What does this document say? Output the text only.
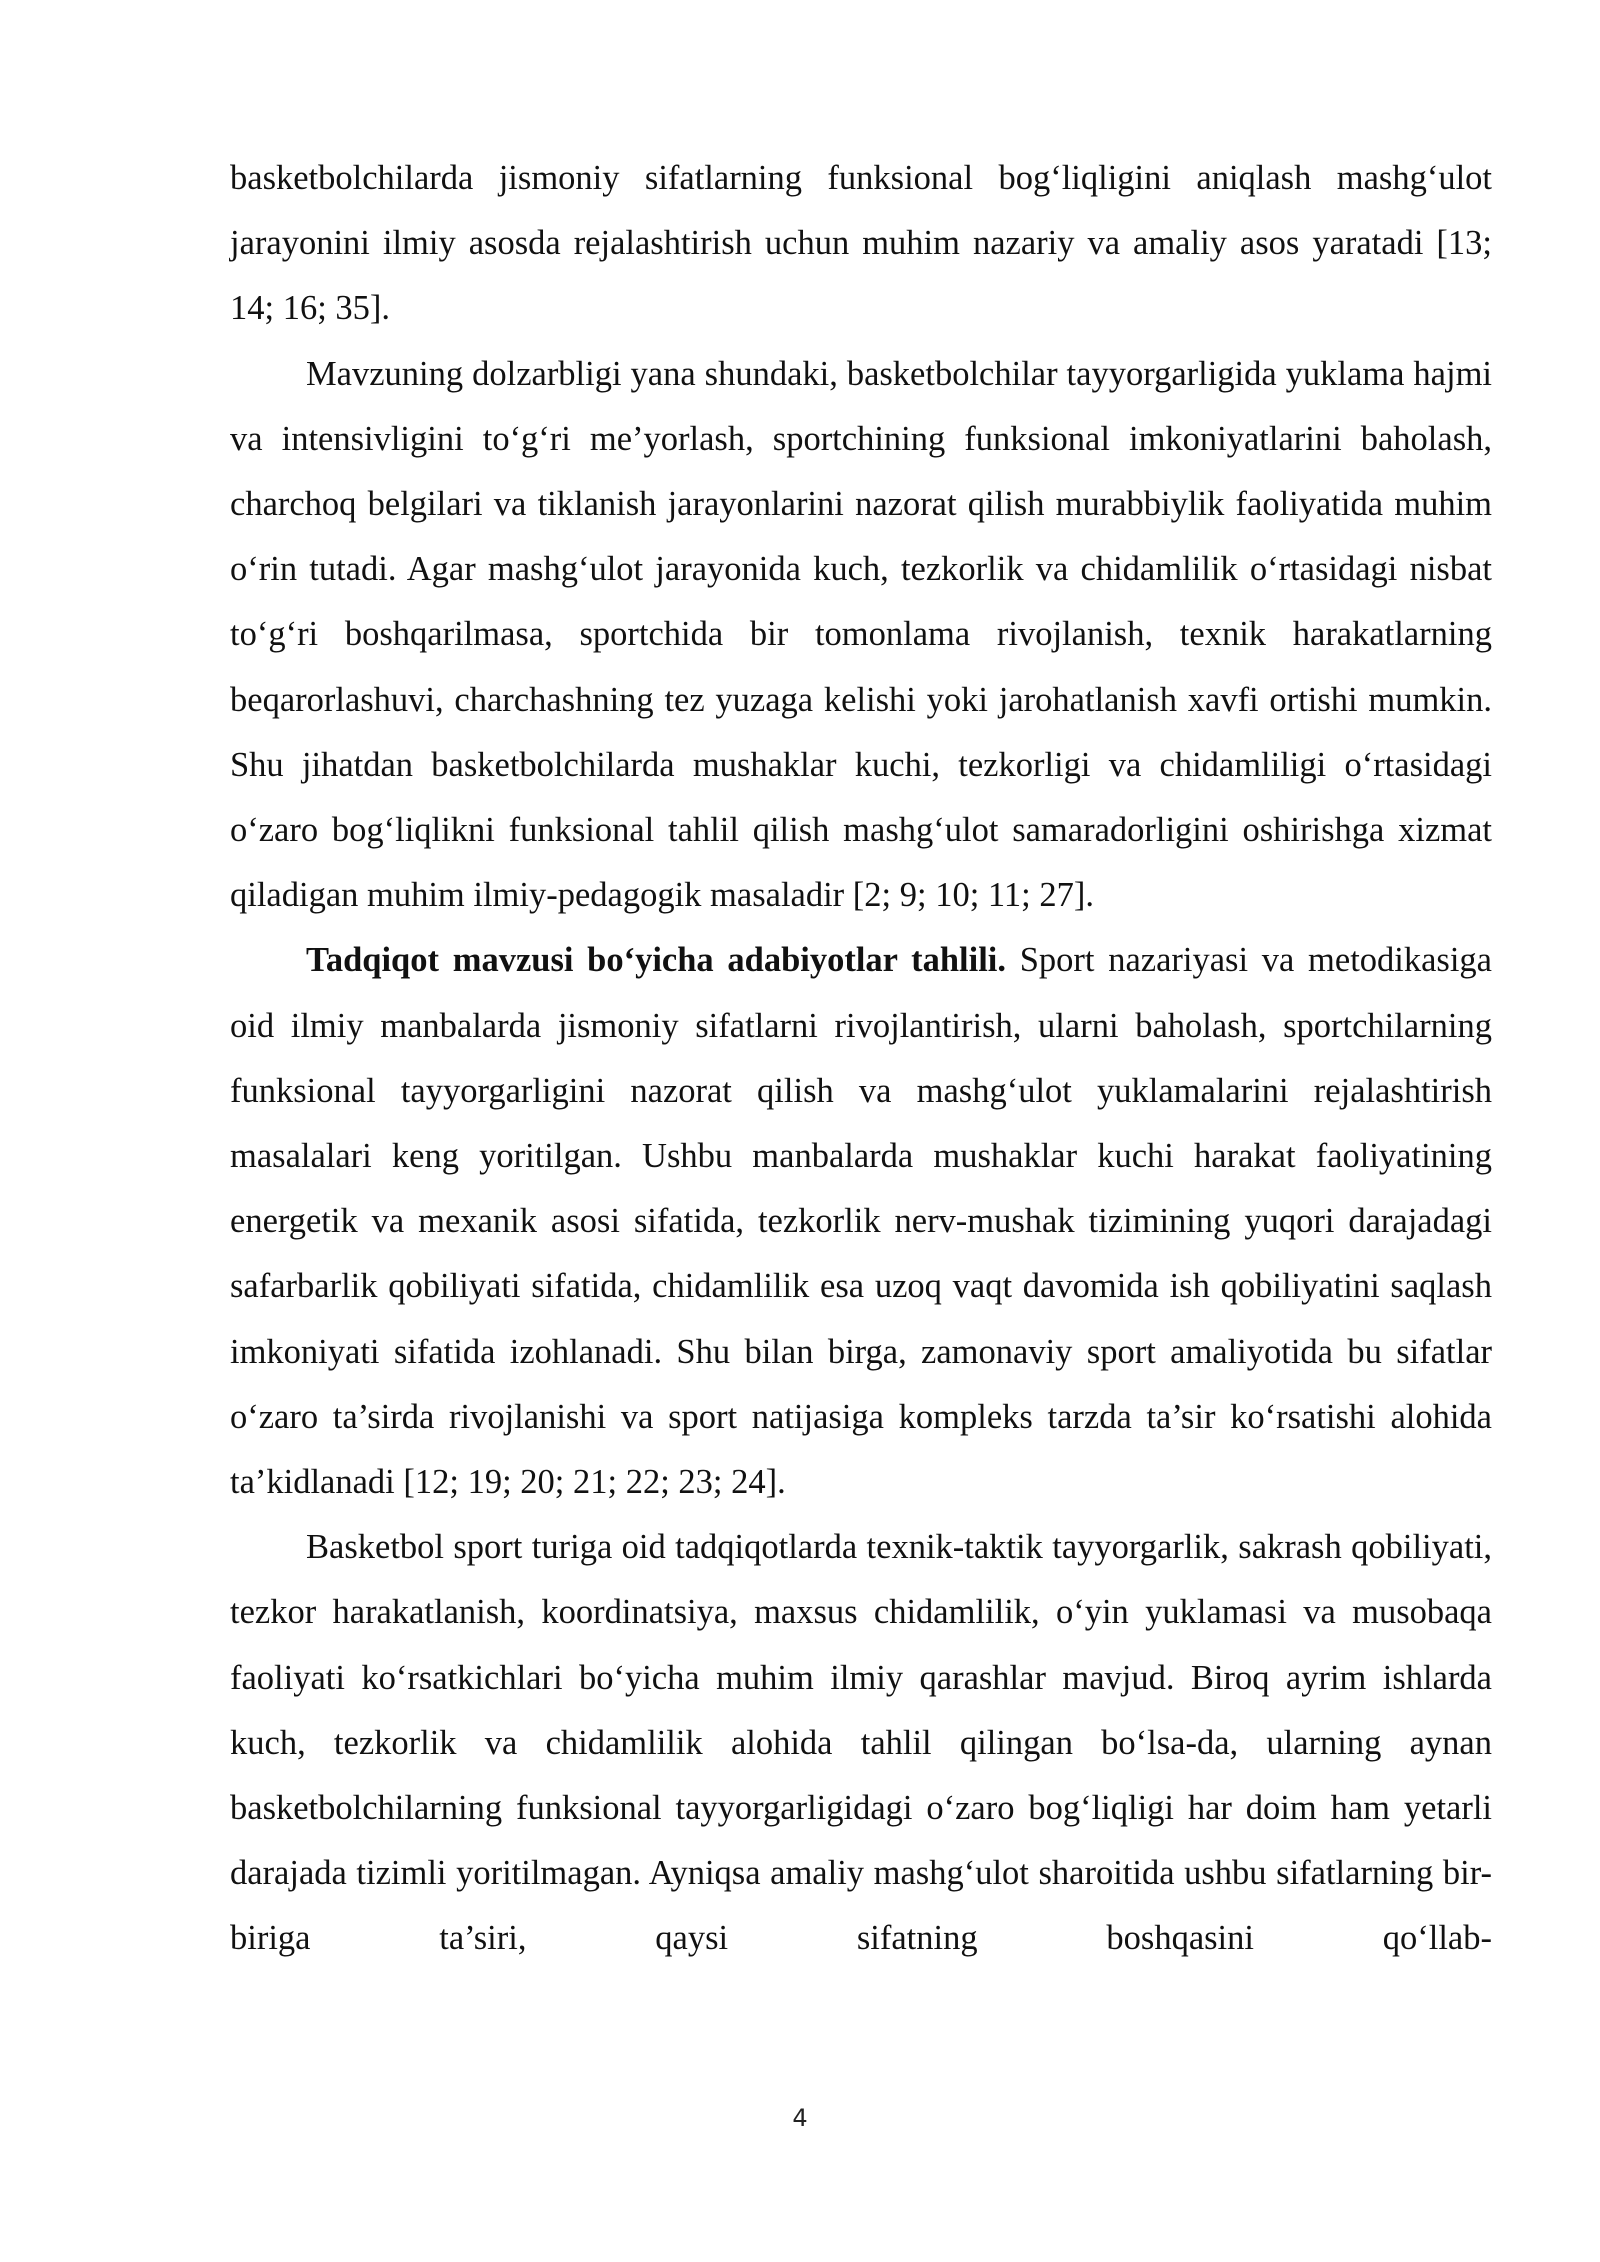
basketbolchilarda jismoniy sifatlarning funksional bog‘liqligini aniqlash mashg‘ulot jarayonini ilmiy asosda rejalashtirish uchun muhim nazariy va amaliy asos yaratadi [13; 14; 16; 35].

Mavzuning dolzarbligi yana shundaki, basketbolchilar tayyorgarligida yuklama hajmi va intensivligini to‘g‘ri me’yorlash, sportchining funksional imkoniyatlarini baholash, charchoq belgilari va tiklanish jarayonlarini nazorat qilish murabbiylik faoliyatida muhim o‘rin tutadi. Agar mashg‘ulot jarayonida kuch, tezkorlik va chidamlilik o‘rtasidagi nisbat to‘g‘ri boshqarilmasa, sportchida bir tomonlama rivojlanish, texnik harakatlarning beqarorlashuvi, charchashning tez yuzaga kelishi yoki jarohatlanish xavfi ortishi mumkin. Shu jihatdan basketbolchilarda mushaklar kuchi, tezkorligi va chidamliligi o‘rtasidagi o‘zaro bog‘liqlikni funksional tahlil qilish mashg‘ulot samaradorligini oshirishga xizmat qiladigan muhim ilmiy-pedagogik masaladir [2; 9; 10; 11; 27].

Tadqiqot mavzusi bo‘yicha adabiyotlar tahlili. Sport nazariyasi va metodikasiga oid ilmiy manbalarda jismoniy sifatlarni rivojlantirish, ularni baholash, sportchilarning funksional tayyorgarligini nazorat qilish va mashg‘ulot yuklamalarini rejalashtirish masalalari keng yoritilgan. Ushbu manbalarda mushaklar kuchi harakat faoliyatining energetik va mexanik asosi sifatida, tezkorlik nerv-mushak tizimining yuqori darajadagi safarbarlik qobiliyati sifatida, chidamlilik esa uzoq vaqt davomida ish qobiliyatini saqlash imkoniyati sifatida izohlanadi. Shu bilan birga, zamonaviy sport amaliyotida bu sifatlar o‘zaro ta’sirda rivojlanishi va sport natijasiga kompleks tarzda ta’sir ko‘rsatishi alohida ta’kidlanadi [12; 19; 20; 21; 22; 23; 24].

Basketbol sport turiga oid tadqiqotlarda texnik-taktik tayyorgarlik, sakrash qobiliyati, tezkor harakatlanish, koordinatsiya, maxsus chidamlilik, o‘yin yuklamasi va musobaqa faoliyati ko‘rsatkichlari bo‘yicha muhim ilmiy qarashlar mavjud. Biroq ayrim ishlarda kuch, tezkorlik va chidamlilik alohida tahlil qilingan bo‘lsa-da, ularning aynan basketbolchilarning funksional tayyorgarligidagi o‘zaro bog‘liqligi har doim ham yetarli darajada tizimli yoritilmagan. Ayniqsa amaliy mashg‘ulot sharoitida ushbu sifatlarning bir-biriga ta’siri, qaysi sifatning boshqasini qo‘llab-

4
